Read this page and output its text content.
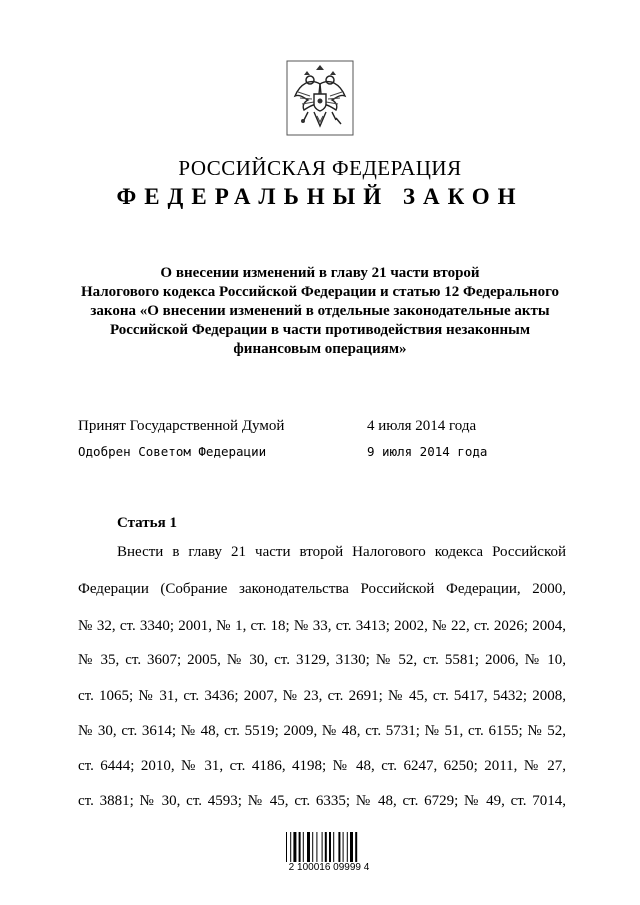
РОССИЙСКАЯ ФЕДЕРАЦИЯ
ФЕДЕРАЛЬНЫЙ ЗАКОН
О внесении изменений в главу 21 части второй
Налогового кодекса Российской Федерации и статью 12 Федерального
закона «О внесении изменений в отдельные законодательные акты
Российской Федерации в части противодействия незаконным
финансовым операциям»
Принят Государственной Думой	4 июля 2014 года
Одобрен Советом Федерации	9 июля 2014 года
Статья 1
Внести в главу 21 части второй Налогового кодекса Российской
Федерации (Собрание законодательства Российской Федерации, 2000,
№ 32, ст. 3340; 2001, № 1, ст. 18; № 33, ст. 3413; 2002, № 22, ст. 2026; 2004,
№ 35, ст. 3607; 2005, № 30, ст. 3129, 3130; № 52, ст. 5581; 2006, № 10,
ст. 1065; № 31, ст. 3436; 2007, № 23, ст. 2691; № 45, ст. 5417, 5432; 2008,
№ 30, ст. 3614; № 48, ст. 5519; 2009, № 48, ст. 5731; № 51, ст. 6155; № 52,
ст. 6444; 2010, № 31, ст. 4186, 4198; № 48, ст. 6247, 6250; 2011, № 27,
ст. 3881; № 30, ст. 4593; № 45, ст. 6335; № 48, ст. 6729; № 49, ст. 7014,
2 100016 09999 4
